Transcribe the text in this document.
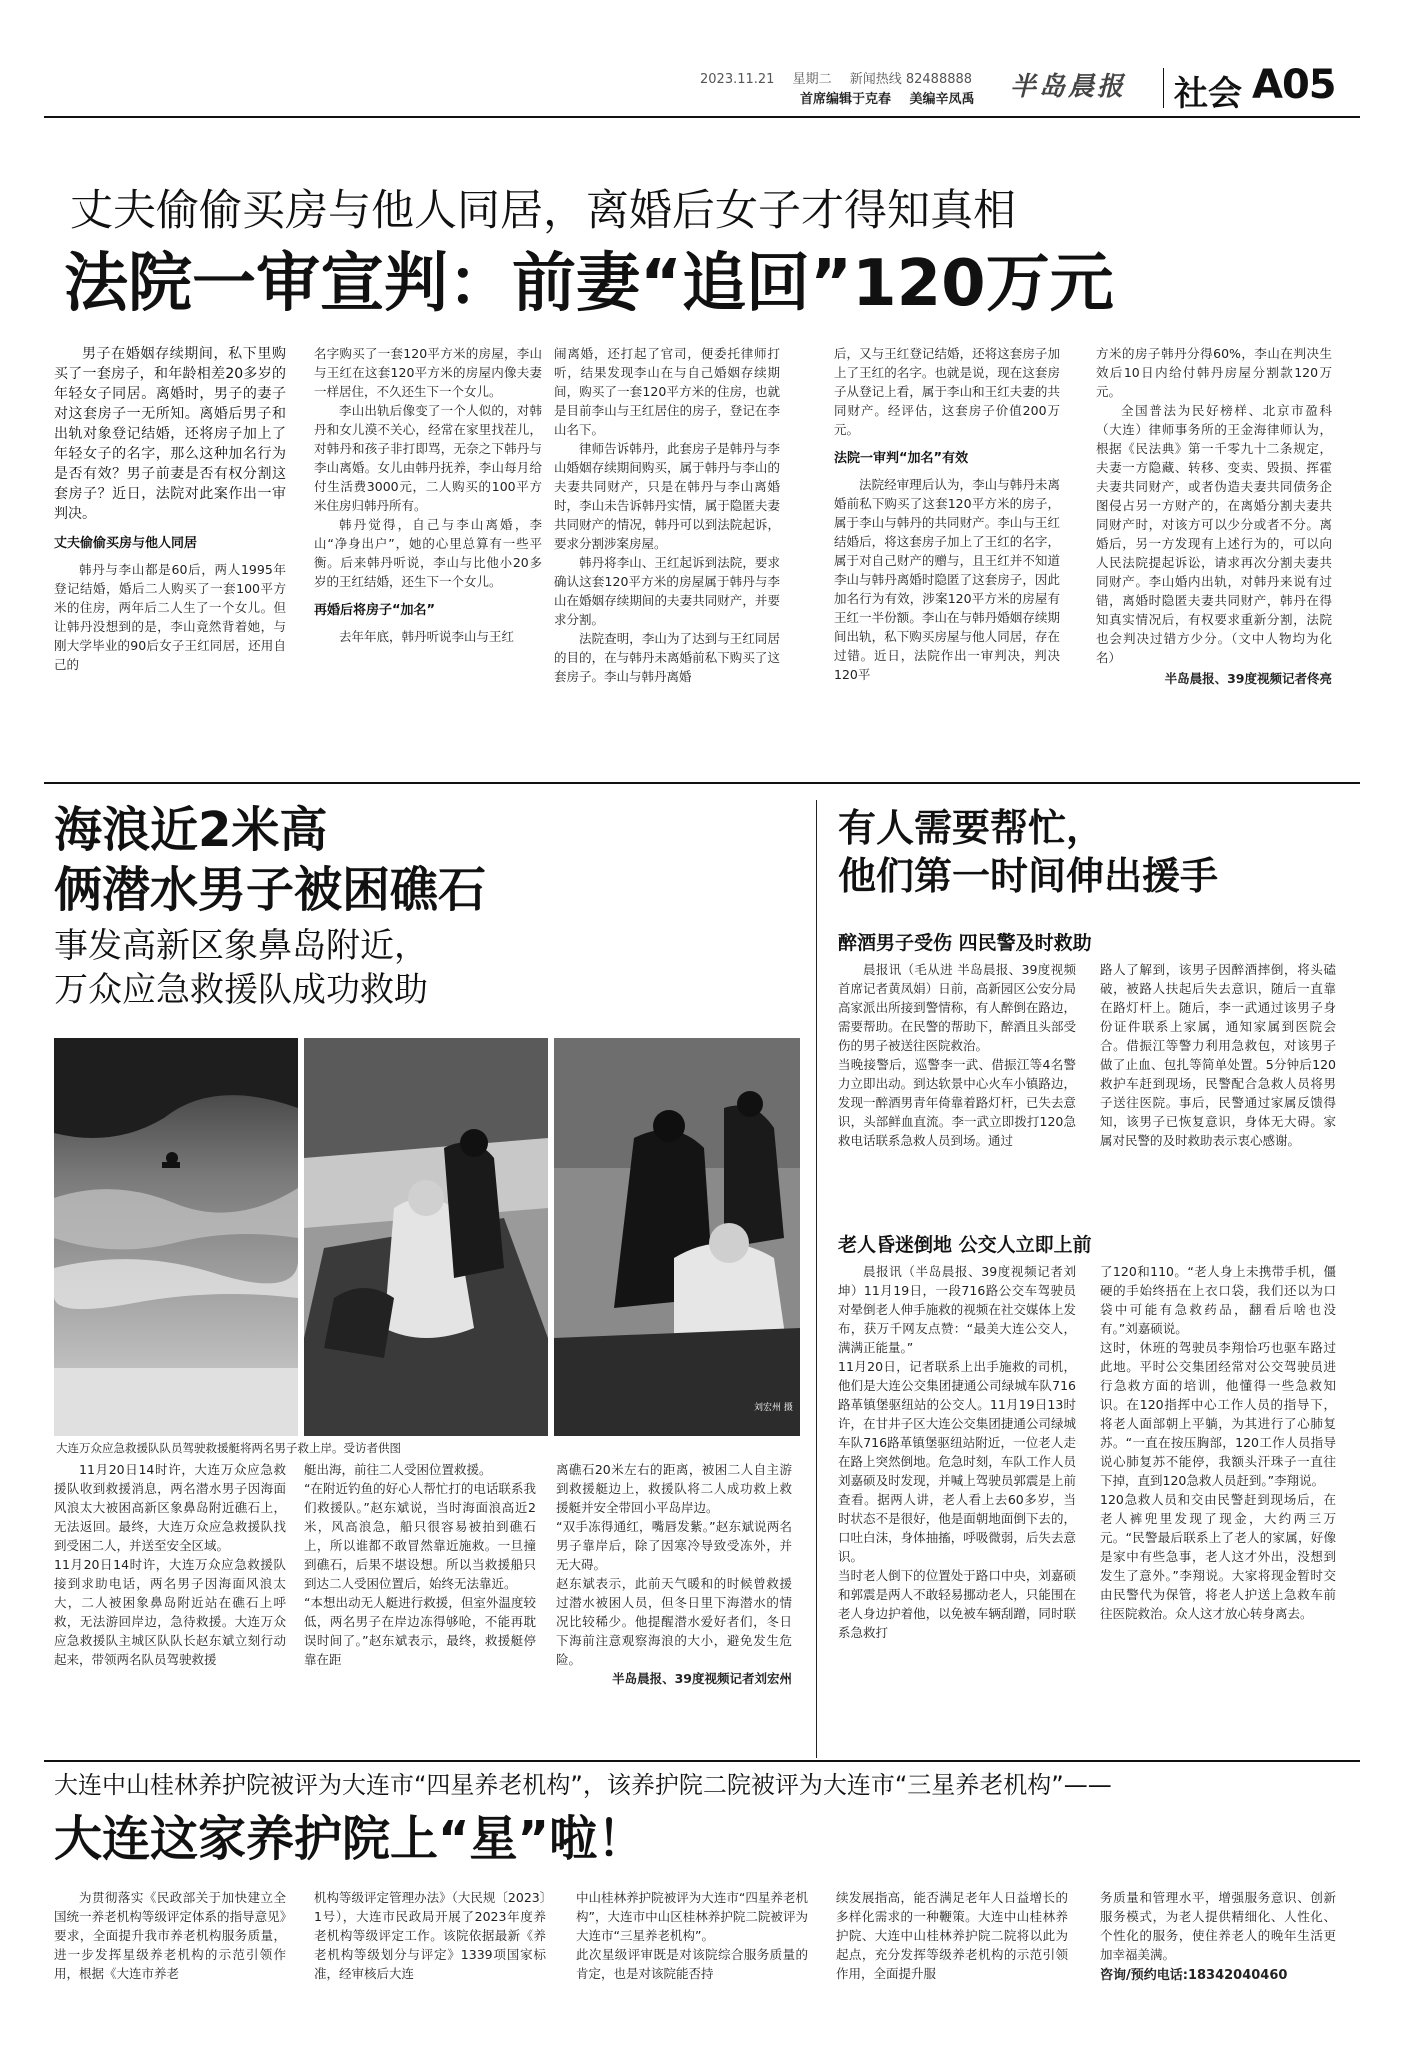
2023.11.21 星期二 新闻热线 82488888
首席编辑于克春 美编辛凤禹	半岛晨报	社会 A05
丈夫偷偷买房与他人同居，离婚后女子才得知真相
法院一审宣判：前妻“追回”120万元

男子在婚姻存续期间，私下里购买了一套房子，和年龄相差20多岁的年轻女子同居。离婚时，男子的妻子对这套房子一无所知。离婚后男子和出轨对象登记结婚，还将房子加上了年轻女子的名字，那么这种加名行为是否有效？男子前妻是否有权分割这套房子？近日，法院对此案作出一审判决。

丈夫偷偷买房与他人同居

韩丹与李山都是60后，两人1995年登记结婚，婚后二人购买了一套100平方米的住房，两年后二人生了一个女儿。但让韩丹没想到的是，李山竟然背着她，与刚大学毕业的90后女子王红同居，还用自己的

名字购买了一套120平方米的房屋，李山与王红在这套120平方米的房屋内像夫妻一样居住，不久还生下一个女儿。

李山出轨后像变了一个人似的，对韩丹和女儿漠不关心，经常在家里找茬儿，对韩丹和孩子非打即骂，无奈之下韩丹与李山离婚。女儿由韩丹抚养，李山每月给付生活费3000元，二人购买的100平方米住房归韩丹所有。

韩丹觉得，自己与李山离婚，李山“净身出户”，她的心里总算有一些平衡。后来韩丹听说，李山与比他小20多岁的王红结婚，还生下一个女儿。

再婚后将房子“加名”

去年年底，韩丹听说李山与王红

闹离婚，还打起了官司，便委托律师打听，结果发现李山在与自己婚姻存续期间，购买了一套120平方米的住房，也就是目前李山与王红居住的房子，登记在李山名下。

律师告诉韩丹，此套房子是韩丹与李山婚姻存续期间购买，属于韩丹与李山的夫妻共同财产，只是在韩丹与李山离婚时，李山未告诉韩丹实情，属于隐匿夫妻共同财产的情况，韩丹可以到法院起诉，要求分割涉案房屋。

韩丹将李山、王红起诉到法院，要求确认这套120平方米的房屋属于韩丹与李山在婚姻存续期间的夫妻共同财产，并要求分割。

法院查明，李山为了达到与王红同居的目的，在与韩丹未离婚前私下购买了这套房子。李山与韩丹离婚

后，又与王红登记结婚，还将这套房子加上了王红的名字。也就是说，现在这套房子从登记上看，属于李山和王红夫妻的共同财产。经评估，这套房子价值200万元。

法院一审判“加名”有效

法院经审理后认为，李山与韩丹未离婚前私下购买了这套120平方米的房子，属于李山与韩丹的共同财产。李山与王红结婚后，将这套房子加上了王红的名字，属于对自己财产的赠与，且王红并不知道李山与韩丹离婚时隐匿了这套房子，因此加名行为有效，涉案120平方米的房屋有王红一半份额。李山在与韩丹婚姻存续期间出轨，私下购买房屋与他人同居，存在过错。近日，法院作出一审判决，判决120平

方米的房子韩丹分得60%，李山在判决生效后10日内给付韩丹房屋分割款120万元。

全国普法为民好榜样、北京市盈科（大连）律师事务所的王金海律师认为，根据《民法典》第一千零九十二条规定，夫妻一方隐藏、转移、变卖、毁损、挥霍夫妻共同财产，或者伪造夫妻共同债务企图侵占另一方财产的，在离婚分割夫妻共同财产时，对该方可以少分或者不分。离婚后，另一方发现有上述行为的，可以向人民法院提起诉讼，请求再次分割夫妻共同财产。李山婚内出轨，对韩丹来说有过错，离婚时隐匿夫妻共同财产，韩丹在得知真实情况后，有权要求重新分割，法院也会判决过错方少分。（文中人物均为化名）

半岛晨报、39度视频记者佟亮
海浪近2米高
俩潜水男子被困礁石
事发高新区象鼻岛附近，
万众应急救援队成功救助
刘宏州 摄
大连万众应急救援队队员驾驶救援艇将两名男子救上岸。受访者供图
11月20日14时许，大连万众应急救援队收到救援消息，两名潜水男子因海面风浪太大被困高新区象鼻岛附近礁石上，无法返回。最终，大连万众应急救援队找到受困二人，并送至安全区域。
11月20日14时许，大连万众应急救援队接到求助电话，两名男子因海面风浪太大，二人被困象鼻岛附近站在礁石上呼救，无法游回岸边，急待救援。大连万众应急救援队主城区队队长赵东斌立刻行动起来，带领两名队员驾驶救援
艇出海，前往二人受困位置救援。
“在附近钓鱼的好心人帮忙打的电话联系我们救援队。”赵东斌说，当时海面浪高近2米，风高浪急，船只很容易被拍到礁石上，所以谁都不敢冒然靠近施救。一旦撞到礁石，后果不堪设想。所以当救援船只到达二人受困位置后，始终无法靠近。
“本想出动无人艇进行救援，但室外温度较低，两名男子在岸边冻得够呛，不能再耽误时间了。”赵东斌表示，最终，救援艇停靠在距
离礁石20米左右的距离，被困二人自主游到救援艇边上，救援队将二人成功救上救援艇并安全带回小平岛岸边。
“双手冻得通红，嘴唇发紫。”赵东斌说两名男子靠岸后，除了因寒冷导致受冻外，并无大碍。
赵东斌表示，此前天气暖和的时候曾救援过潜水被困人员，但冬日里下海潜水的情况比较稀少。他提醒潜水爱好者们，冬日下海前注意观察海浪的大小，避免发生危险。
半岛晨报、39度视频记者刘宏州
有人需要帮忙，
他们第一时间伸出援手
醉酒男子受伤 四民警及时救助
晨报讯（毛从进 半岛晨报、39度视频首席记者黄凤娟）日前，高新园区公安分局高家派出所接到警情称，有人醉倒在路边，需要帮助。在民警的帮助下，醉酒且头部受伤的男子被送往医院救治。
当晚接警后，巡警李一武、借振江等4名警力立即出动。到达软景中心火车小镇路边，发现一醉酒男青年倚靠着路灯杆，已失去意识，头部鲜血直流。李一武立即拨打120急救电话联系急救人员到场。通过
路人了解到，该男子因醉酒摔倒，将头磕破，被路人扶起后失去意识，随后一直靠在路灯杆上。随后，李一武通过该男子身份证件联系上家属，通知家属到医院会合。借振江等警力利用急救包，对该男子做了止血、包扎等简单处置。5分钟后120救护车赶到现场，民警配合急救人员将男子送往医院。事后，民警通过家属反馈得知，该男子已恢复意识，身体无大碍。家属对民警的及时救助表示衷心感谢。
老人昏迷倒地 公交人立即上前
晨报讯（半岛晨报、39度视频记者刘坤）11月19日，一段716路公交车驾驶员对晕倒老人伸手施救的视频在社交媒体上发布，获万千网友点赞：“最美大连公交人，满满正能量。”
11月20日，记者联系上出手施救的司机，他们是大连公交集团捷通公司绿城车队716路革镇堡驱纽站的公交人。11月19日13时许，在甘井子区大连公交集团捷通公司绿城车队716路革镇堡驱纽站附近，一位老人走在路上突然倒地。危急时刻，车队工作人员刘嘉硕及时发现，并喊上驾驶员郭震是上前查看。据两人讲，老人看上去60多岁，当时状态不是很好，他是面朝地面倒下去的，口吐白沫，身体抽搐，呼吸微弱，后失去意识。
当时老人倒下的位置处于路口中央，刘嘉硕和郭震是两人不敢轻易挪动老人，只能围在老人身边护着他，以免被车辆刮蹭，同时联系急救打
了120和110。“老人身上未携带手机，僵硬的手始终捂在上衣口袋，我们还以为口袋中可能有急救药品，翻看后啥也没有。”刘嘉硕说。
这时，休班的驾驶员李翔恰巧也驱车路过此地。平时公交集团经常对公交驾驶员进行急救方面的培训，他懂得一些急救知识。在120指挥中心工作人员的指导下，将老人面部朝上平躺，为其进行了心肺复苏。“一直在按压胸部，120工作人员指导说心肺复苏不能停，我额头汗珠子一直往下掉，直到120急救人员赶到。”李翔说。
120急救人员和交由民警赶到现场后，在老人裤兜里发现了现金，大约两三万元。“民警最后联系上了老人的家属，好像是家中有些急事，老人这才外出，没想到发生了意外。”李翔说。大家将现金暂时交由民警代为保管，将老人护送上急救车前往医院救治。众人这才放心转身离去。
大连中山桂林养护院被评为大连市“四星养老机构”，该养护院二院被评为大连市“三星养老机构”——
大连这家养护院上“星”啦！
为贯彻落实《民政部关于加快建立全国统一养老机构等级评定体系的指导意见》要求，全面提升我市养老机构服务质量，进一步发挥星级养老机构的示范引领作用，根据《大连市养老
机构等级评定管理办法》（大民规〔2023〕1号），大连市民政局开展了2023年度养老机构等级评定工作。该院依据最新《养老机构等级划分与评定》1339项国家标准，经审核后大连
中山桂林养护院被评为大连市“四星养老机构”，大连市中山区桂林养护院二院被评为大连市“三星养老机构”。
此次星级评审既是对该院综合服务质量的肯定，也是对该院能否持
续发展指高，能否满足老年人日益增长的多样化需求的一种鞭策。大连中山桂林养护院、大连中山桂林养护院二院将以此为起点，充分发挥等级养老机构的示范引领作用，全面提升服
务质量和管理水平，增强服务意识、创新服务模式，为老人提供精细化、人性化、个性化的服务，使住养老人的晚年生活更加幸福美满。
咨询/预约电话:18342040460
